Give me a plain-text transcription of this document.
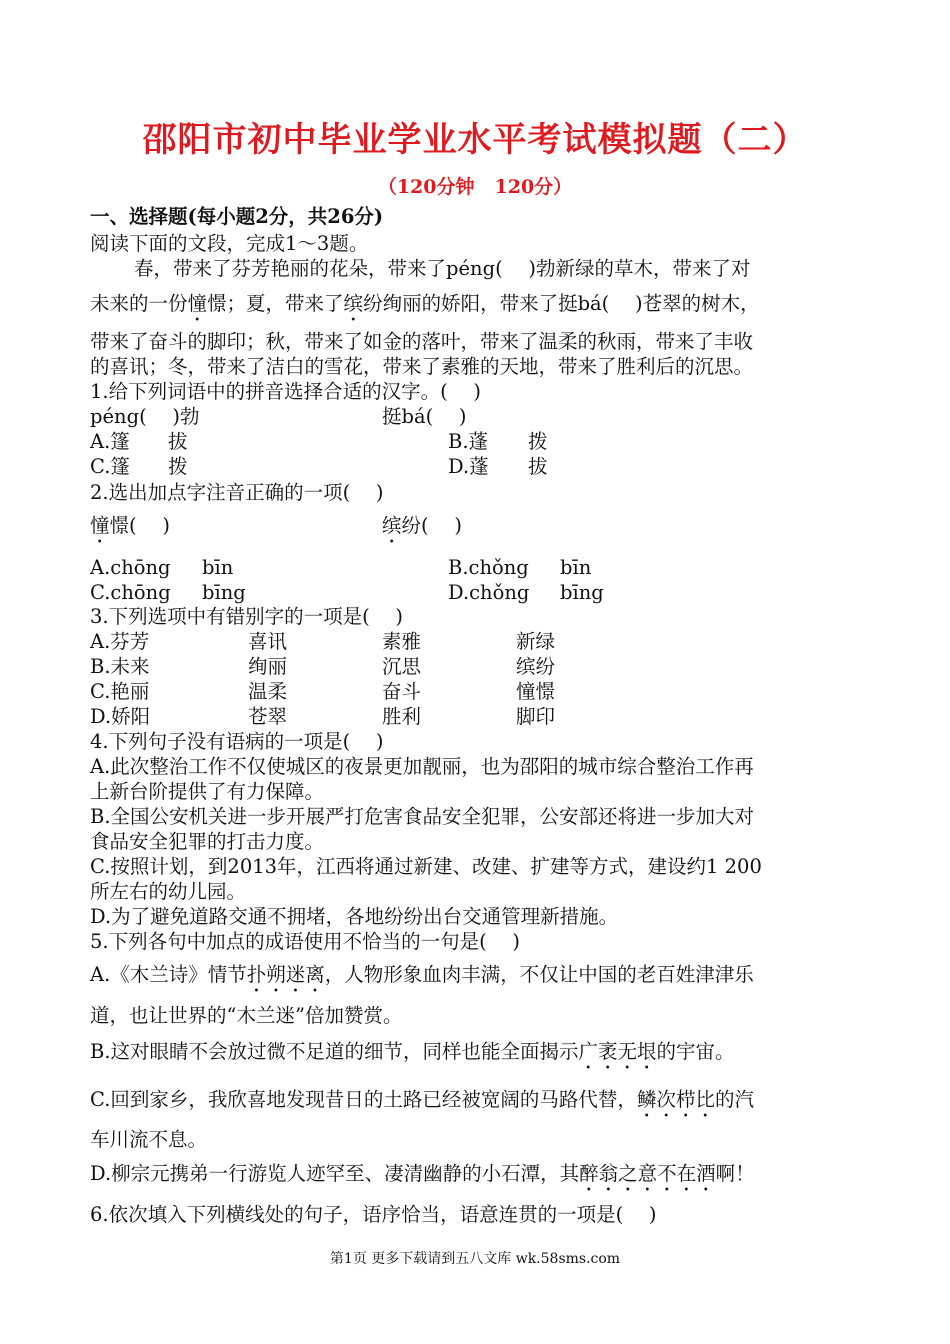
邵阳市初中毕业学业水平考试模拟题（二）
（120分钟 120分）
一、选择题(每小题2分，共26分)
阅读下面的文段，完成1～3题。
春，带来了芬芳艳丽的花朵，带来了péng(　 )勃新绿的草木，带来了对
未来的一份憧憬；夏，带来了缤纷绚丽的娇阳，带来了挺bá(　 )苍翠的树木，
带来了奋斗的脚印；秋，带来了如金的落叶，带来了温柔的秋雨，带来了丰收
的喜讯；冬，带来了洁白的雪花，带来了素雅的天地，带来了胜利后的沉思。
1.给下列词语中的拼音选择合适的汉字。(　 )
péng(　 )勃	挺bá(　 )
A.篷 拔	B.蓬 拨
C.篷 拨	D.蓬 拔
2.选出加点字注音正确的一项(　 )
憧憬(　 )	缤纷(　 )
A.chōng bīn	B.chǒng bīn
C.chōng bīng	D.chǒng bīng
3.下列选项中有错别字的一项是(　 )
A.芬芳	喜讯	素雅	新绿
B.未来	绚丽	沉思	缤纷
C.艳丽	温柔	奋斗	憧憬
D.娇阳	苍翠	胜利	脚印
4.下列句子没有语病的一项是(　 )
A.此次整治工作不仅使城区的夜景更加靓丽，也为邵阳的城市综合整治工作再
上新台阶提供了有力保障。
B.全国公安机关进一步开展严打危害食品安全犯罪，公安部还将进一步加大对
食品安全犯罪的打击力度。
C.按照计划，到2013年，江西将通过新建、改建、扩建等方式，建设约1 200
所左右的幼儿园。
D.为了避免道路交通不拥堵，各地纷纷出台交通管理新措施。
5.下列各句中加点的成语使用不恰当的一句是(　 )
A.《木兰诗》情节扑朔迷离，人物形象血肉丰满，不仅让中国的老百姓津津乐
道，也让世界的“木兰迷”倍加赞赏。
B.这对眼睛不会放过微不足道的细节，同样也能全面揭示广袤无垠的宇宙。
C.回到家乡，我欣喜地发现昔日的土路已经被宽阔的马路代替，鳞次栉比的汽
车川流不息。
D.柳宗元携弟一行游览人迹罕至、凄清幽静的小石潭，其醉翁之意不在酒啊！
6.依次填入下列横线处的句子，语序恰当，语意连贯的一项是(　 )
第1页 更多下载请到五八文库 wk.58sms.com
